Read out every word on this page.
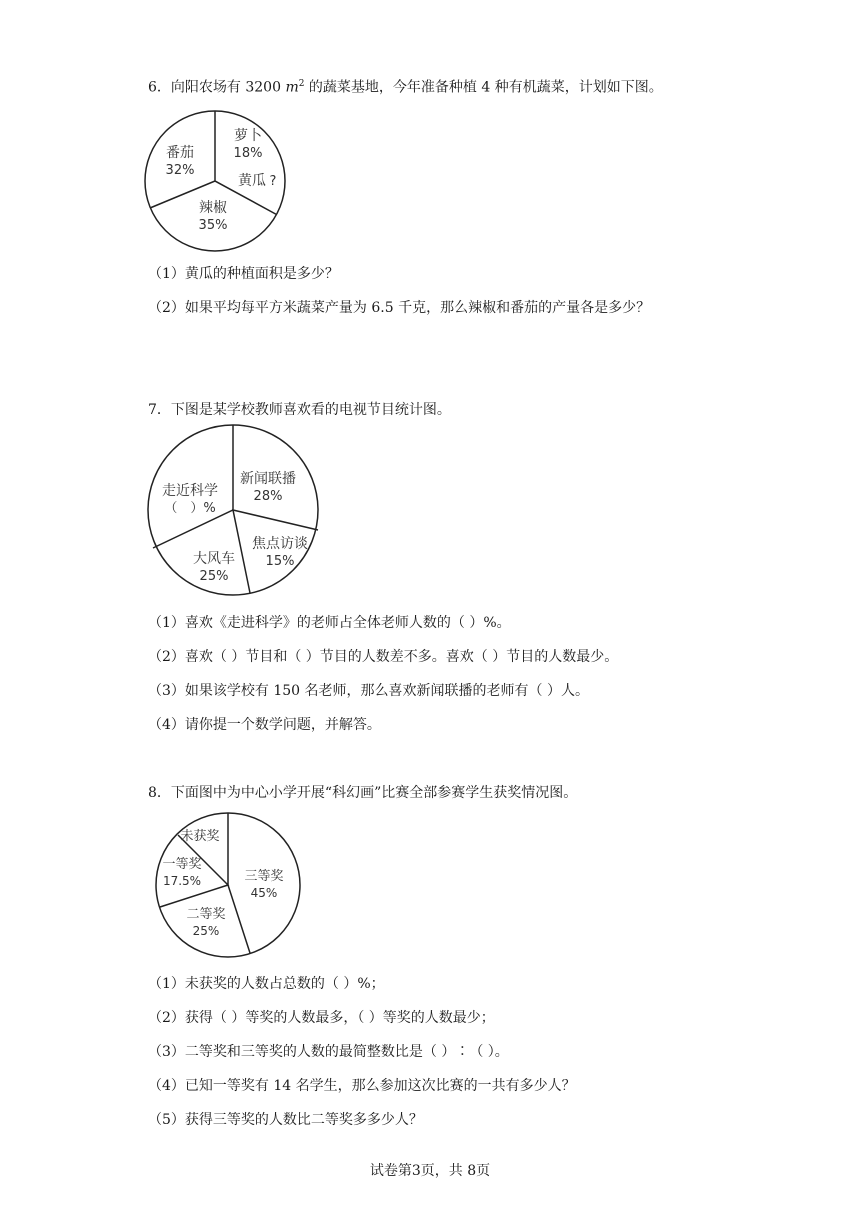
6．向阳农场有 3200 $m^2$ 的蔬菜基地，今年准备种植 4 种有机蔬菜，计划如下图。
萝卜
18%
黄瓜 ?
辣椒
35%
番茄
32%
新闻联播
28%
焦点访谈
15%
大风车
25%
走近科学
（　）%
三等奖
45%
二等奖
25%
一等奖
17.5%
未获奖
（1）黄瓜的种植面积是多少？
（2）如果平均每平方米蔬菜产量为 6.5 千克，那么辣椒和番茄的产量各是多少？
7．下图是某学校教师喜欢看的电视节目统计图。
（1）喜欢《走进科学》的老师占全体老师人数的（ ）%。
（2）喜欢（ ）节目和（ ）节目的人数差不多。喜欢（ ）节目的人数最少。
（3）如果该学校有 150 名老师，那么喜欢新闻联播的老师有（ ）人。
（4）请你提一个数学问题，并解答。
8．下面图中为中心小学开展“科幻画”比赛全部参赛学生获奖情况图。
（1）未获奖的人数占总数的（ ）%；
（2）获得（ ）等奖的人数最多，（ ）等奖的人数最少；
（3）二等奖和三等奖的人数的最简整数比是（ ）∶（ ）。
（4）已知一等奖有 14 名学生，那么参加这次比赛的一共有多少人？
（5）获得三等奖的人数比二等奖多多少人？
试卷第3页，共 8页
